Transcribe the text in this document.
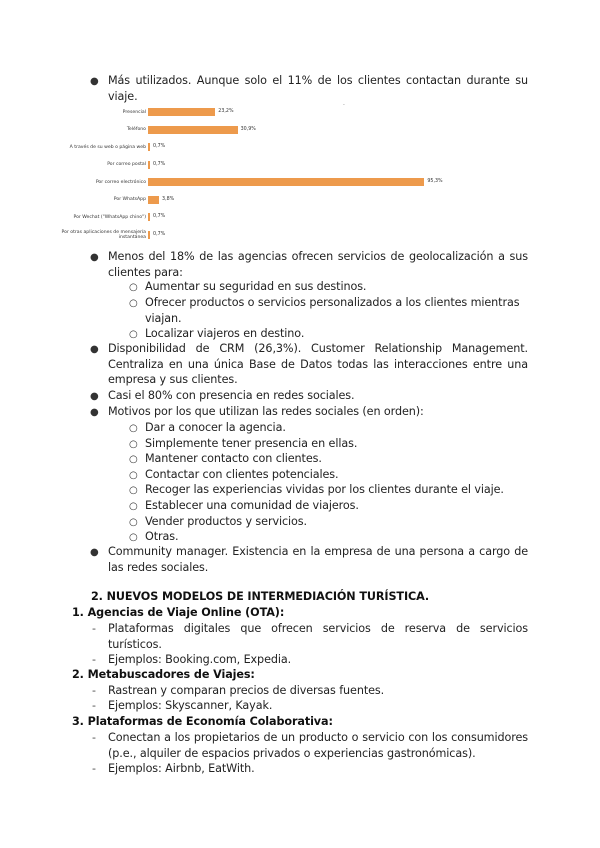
● Más utilizados. Aunque solo el 11% de los clientes contactan durante su viaje.
.
Presencial	23,2%
Teléfono	30,9%
A través de su web o página web 0,7%
Por correo postal 0,7%
Por correo electrónico	95,3%
Por WhatsApp	3,8%
Por Wechat ("WhatsApp chino") 0,7%
Por otras aplicaciones de mensajería instantánea
0,7%
● Menos del 18% de las agencias ofrecen servicios de geolocalización a sus clientes para:
○ Aumentar su seguridad en sus destinos.
○ Ofrecer productos o servicios personalizados a los clientes mientras viajan.
○ Localizar viajeros en destino.
● Disponibilidad de CRM (26,3%). Customer Relationship Management. Centraliza en una única Base de Datos todas las interacciones entre una empresa y sus clientes.
● Casi el 80% con presencia en redes sociales.
● Motivos por los que utilizan las redes sociales (en orden):
○ Dar a conocer la agencia.
○ Simplemente tener presencia en ellas.
○ Mantener contacto con clientes.
○ Contactar con clientes potenciales.
○ Recoger las experiencias vividas por los clientes durante el viaje.
○ Establecer una comunidad de viajeros.
○ Vender productos y servicios.
○ Otras.
● Community manager. Existencia en la empresa de una persona a cargo de las redes sociales.
2. NUEVOS MODELOS DE INTERMEDIACIÓN TURÍSTICA.
1. Agencias de Viaje Online (OTA):
- Plataformas digitales que ofrecen servicios de reserva de servicios turísticos.
- Ejemplos: Booking.com, Expedia.
2. Metabuscadores de Viajes:
- Rastrean y comparan precios de diversas fuentes.
- Ejemplos: Skyscanner, Kayak.
3. Plataformas de Economía Colaborativa:
- Conectan a los propietarios de un producto o servicio con los consumidores (p.e., alquiler de espacios privados o experiencias gastronómicas).
- Ejemplos: Airbnb, EatWith.
